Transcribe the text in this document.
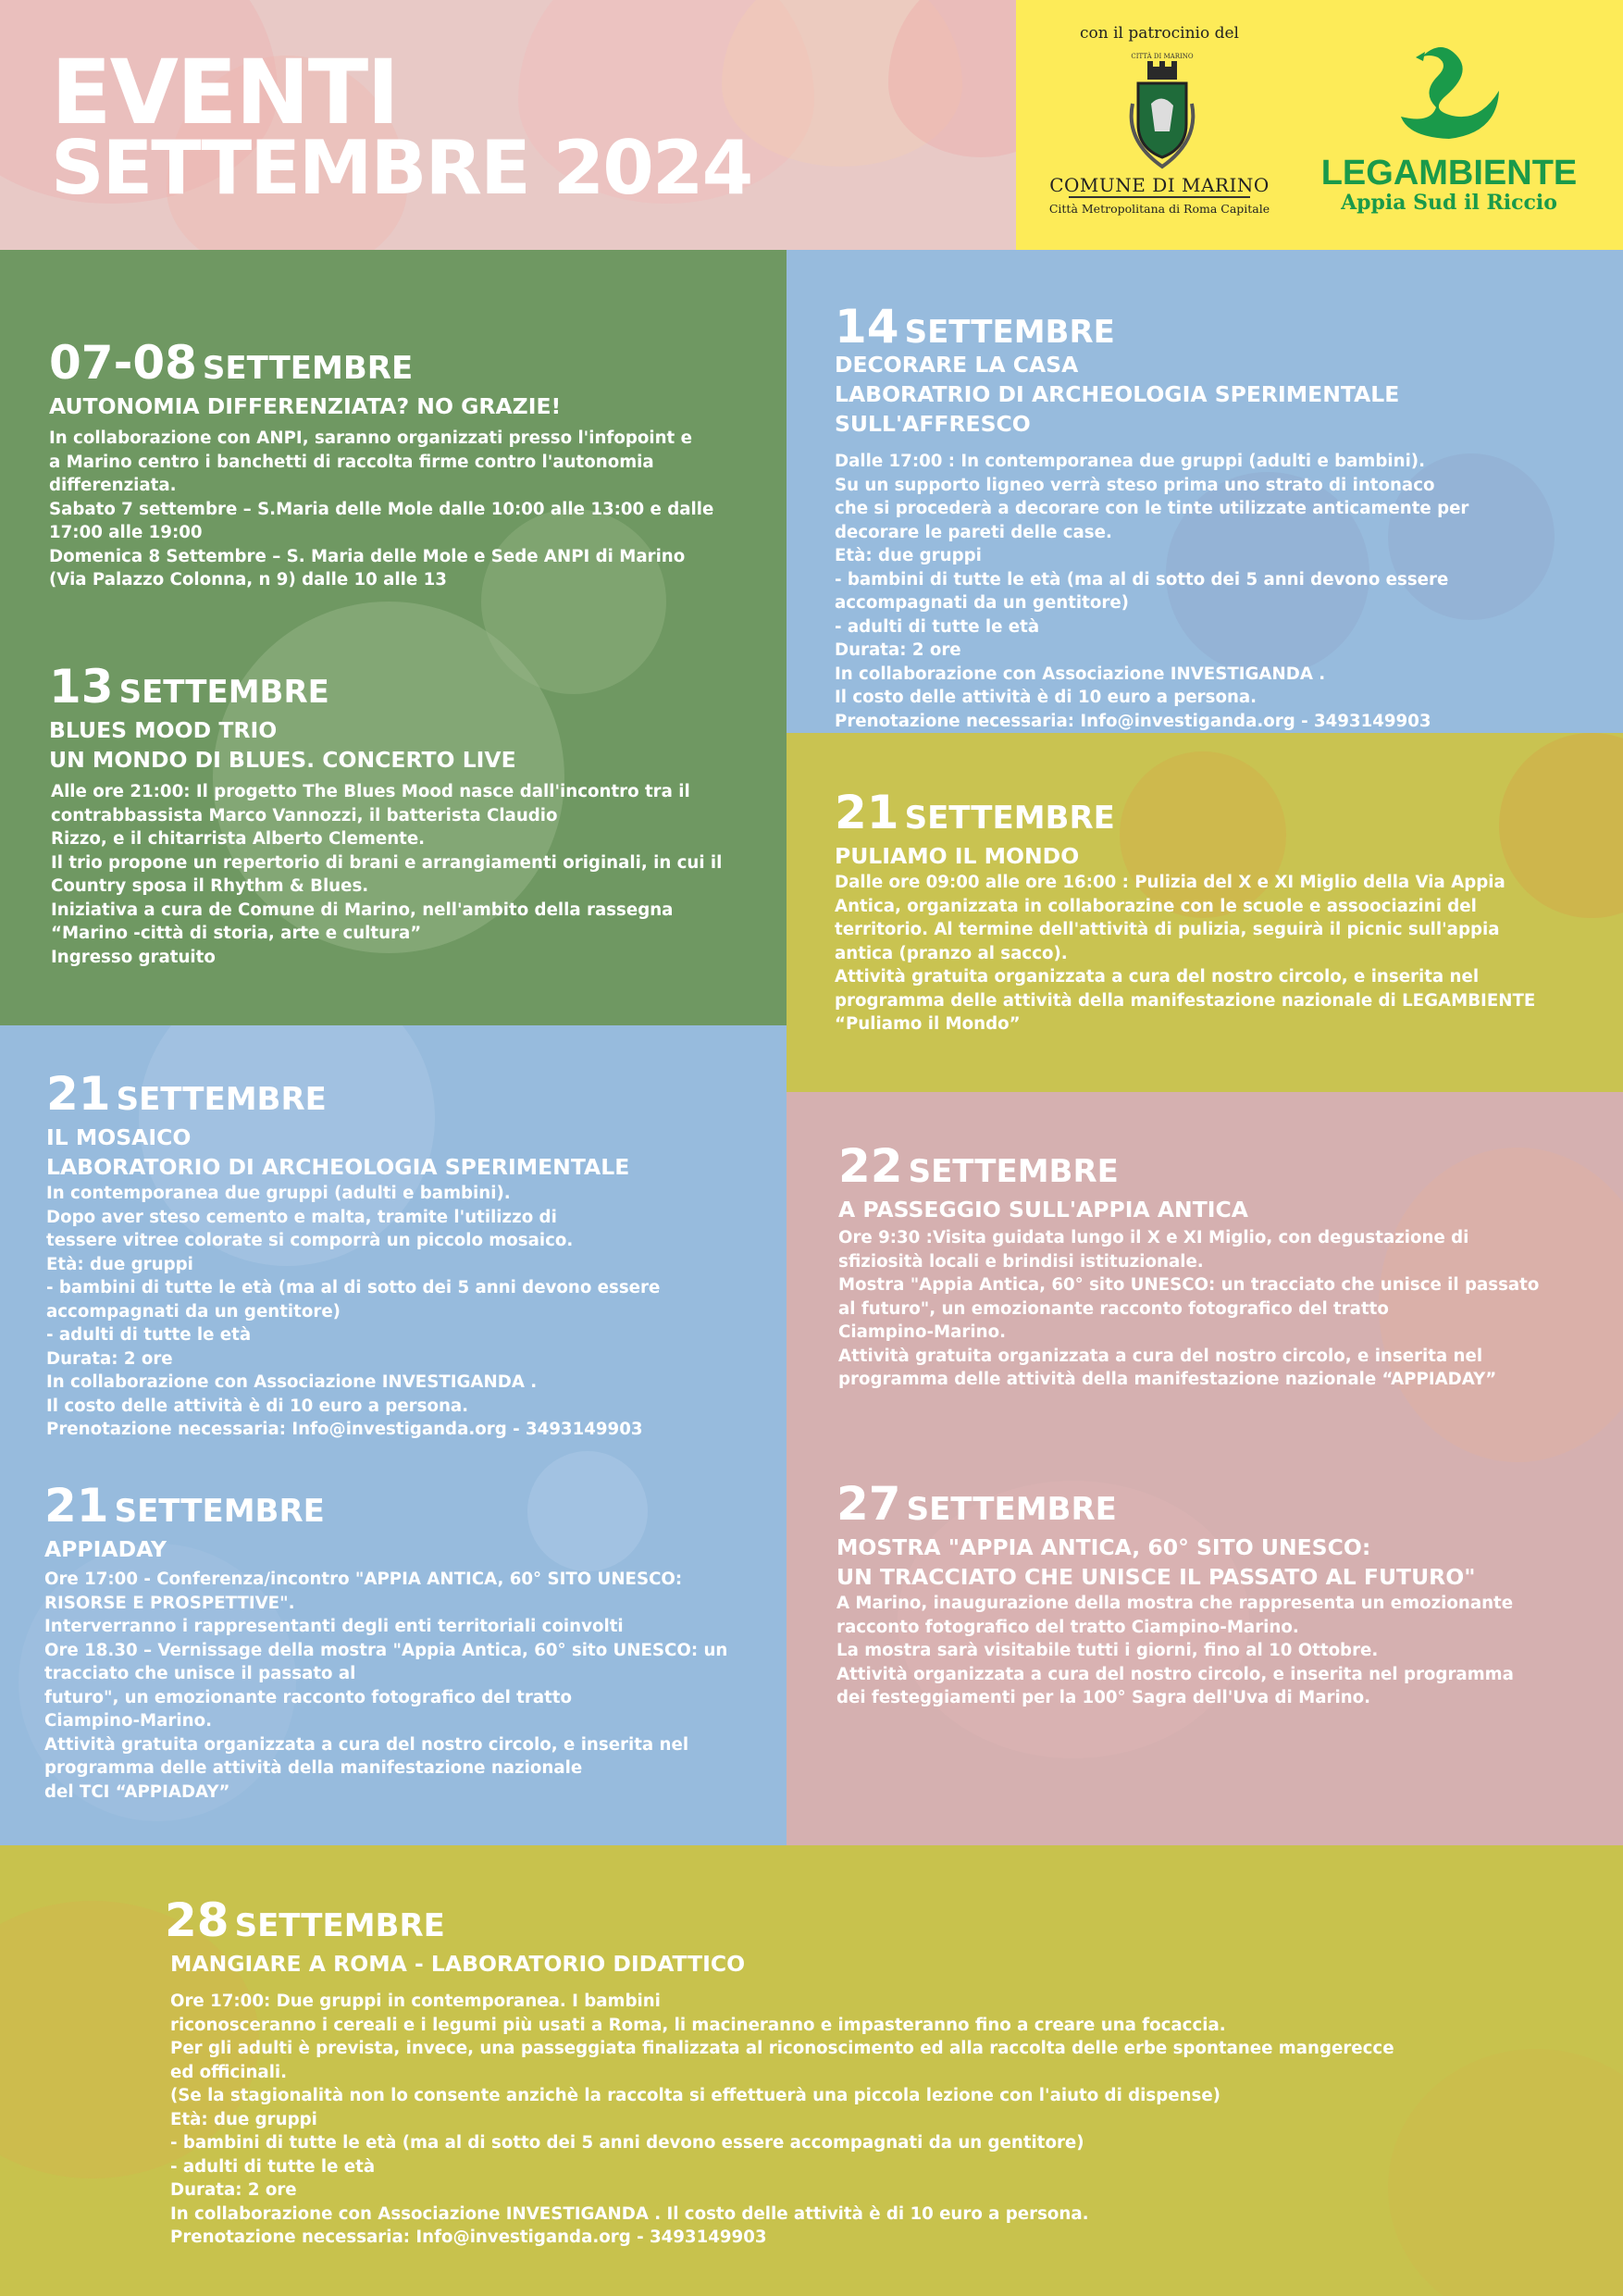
EVENTI
SETTEMBRE 2024
con il patrocinio del
CITTÀ DI MARINO
COMUNE DI MARINO
Città Metropolitana di Roma Capitale
LEGAMBIENTE
Appia Sud il Riccio
07-08 SETTEMBRE
AUTONOMIA DIFFERENZIATA? NO GRAZIE!
In collaborazione con ANPI, saranno organizzati presso l'infopoint e
a Marino centro i banchetti di raccolta firme contro l'autonomia
differenziata.
Sabato 7 settembre – S.Maria delle Mole dalle 10:00 alle 13:00 e dalle
17:00 alle 19:00
Domenica 8 Settembre – S. Maria delle Mole e Sede ANPI di Marino
(Via Palazzo Colonna, n 9) dalle 10 alle 13
13 SETTEMBRE
BLUES MOOD TRIO
UN MONDO DI BLUES. CONCERTO LIVE
Alle ore 21:00: Il progetto The Blues Mood nasce dall'incontro tra il
contrabbassista Marco Vannozzi, il batterista Claudio
Rizzo, e il chitarrista Alberto Clemente.
Il trio propone un repertorio di brani e arrangiamenti originali, in cui il
Country sposa il Rhythm & Blues.
Iniziativa a cura de Comune di Marino, nell'ambito della rassegna
“Marino -città di storia, arte e cultura”
Ingresso gratuito
21 SETTEMBRE
IL MOSAICO
LABORATORIO DI ARCHEOLOGIA SPERIMENTALE
In contemporanea due gruppi (adulti e bambini).
Dopo aver steso cemento e malta, tramite l'utilizzo di
tessere vitree colorate si comporrà un piccolo mosaico.
Età: due gruppi
- bambini di tutte le età (ma al di sotto dei 5 anni devono essere
accompagnati da un gentitore)
- adulti di tutte le età
Durata: 2 ore
In collaborazione con Associazione INVESTIGANDA .
Il costo delle attività è di 10 euro a persona.
Prenotazione necessaria: Info@investiganda.org - 3493149903
21 SETTEMBRE
APPIADAY
Ore 17:00 - Conferenza/incontro "APPIA ANTICA, 60° SITO UNESCO:
RISORSE E PROSPETTIVE".
Interverranno i rappresentanti degli enti territoriali coinvolti
Ore 18.30 – Vernissage della mostra "Appia Antica, 60° sito UNESCO: un
tracciato che unisce il passato al
futuro", un emozionante racconto fotografico del tratto
Ciampino-Marino.
Attività gratuita organizzata a cura del nostro circolo, e inserita nel
programma delle attività della manifestazione nazionale
del TCI “APPIADAY”
14 SETTEMBRE
DECORARE LA CASA
LABORATRIO DI ARCHEOLOGIA SPERIMENTALE SULL'AFFRESCO
Dalle 17:00 : In contemporanea due gruppi (adulti e bambini).
Su un supporto ligneo verrà steso prima uno strato di intonaco
che si procederà a decorare con le tinte utilizzate anticamente per
decorare le pareti delle case.
Età: due gruppi
- bambini di tutte le età (ma al di sotto dei 5 anni devono essere
accompagnati da un gentitore)
- adulti di tutte le età
Durata: 2 ore
In collaborazione con Associazione INVESTIGANDA .
Il costo delle attività è di 10 euro a persona.
Prenotazione necessaria: Info@investiganda.org - 3493149903
21 SETTEMBRE
PULIAMO IL MONDO
Dalle ore 09:00 alle ore 16:00 : Pulizia del X e XI Miglio della Via Appia
Antica, organizzata in collaborazine con le scuole e assoociazini del
territorio. Al termine dell'attività di pulizia, seguirà il picnic sull'appia
antica (pranzo al sacco).
Attività gratuita organizzata a cura del nostro circolo, e inserita nel
programma delle attività della manifestazione nazionale di LEGAMBIENTE
“Puliamo il Mondo”
22 SETTEMBRE
A PASSEGGIO SULL'APPIA ANTICA
Ore 9:30 :Visita guidata lungo il X e XI Miglio, con degustazione di
sfiziosità locali e brindisi istituzionale.
Mostra "Appia Antica, 60° sito UNESCO: un tracciato che unisce il passato
al futuro", un emozionante racconto fotografico del tratto
Ciampino-Marino.
Attività gratuita organizzata a cura del nostro circolo, e inserita nel
programma delle attività della manifestazione nazionale “APPIADAY”
27 SETTEMBRE
MOSTRA "APPIA ANTICA, 60° SITO UNESCO:
UN TRACCIATO CHE UNISCE IL PASSATO AL FUTURO"
A Marino, inaugurazione della mostra che rappresenta un emozionante
racconto fotografico del tratto Ciampino-Marino.
La mostra sarà visitabile tutti i giorni, fino al 10 Ottobre.
Attività organizzata a cura del nostro circolo, e inserita nel programma
dei festeggiamenti per la 100° Sagra dell'Uva di Marino.
28 SETTEMBRE
MANGIARE A ROMA - LABORATORIO DIDATTICO
Ore 17:00: Due gruppi in contemporanea. I bambini
riconosceranno i cereali e i legumi più usati a Roma, li macineranno e impasteranno fino a creare una focaccia.
Per gli adulti è prevista, invece, una passeggiata finalizzata al riconoscimento ed alla raccolta delle erbe spontanee mangerecce
ed officinali.
(Se la stagionalità non lo consente anzichè la raccolta si effettuerà una piccola lezione con l'aiuto di dispense)
Età: due gruppi
- bambini di tutte le età (ma al di sotto dei 5 anni devono essere accompagnati da un gentitore)
- adulti di tutte le età
Durata: 2 ore
In collaborazione con Associazione INVESTIGANDA . Il costo delle attività è di 10 euro a persona.
Prenotazione necessaria: Info@investiganda.org - 3493149903
